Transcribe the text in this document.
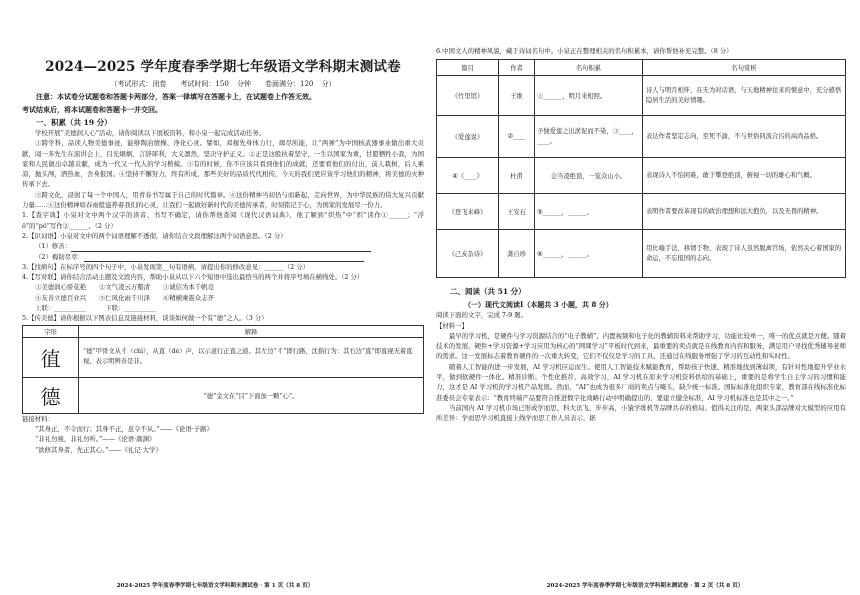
2024—2025 学年度春季学期七年级语文学科期末测试卷
（考试形式：闭卷　　考试时间：150 分钟　　卷面满分：120 分）
注意：本试卷分试题卷和答题卡两部分，答案一律填写在答题卡上，在试题卷上作答无效。
考试结束后，将本试题卷和答题卡一并交回。
一、积累（共 19 分）

学校开展“美德润人心”活动，请你阅读以下展板资料，和小泉一起完成活动任务。

①跨学科，品读人物美德事迹，能够陶冶情操、净化心灵。譬如，邓稼先身体力行，竭尽所能，让“两弹”为中国核武器事业做出重大贡献，闻一多先生在演讲会上，目光炯炯，言辞犀利，大义凛然，坚决守护正义。②正是这般执着坚守，一生以国家为重，甘愿牺牲小我，为国家和人民做出卓越贡献，成为一代又一代人的学习楷模。③有的时候，你不应该只看到他们的成就，还要看他们的付出，前人栽树，后人乘凉，抛头颅，洒热血，舍身报国。④坚持不懈努力，终有所成，那些美好的品质代代相传，今天的我们更应该学习他们的精神，将美德的火种传承下去。

③跨文化，浸润了每一个中国人，用青春书写属于自己的时代篇章。④这份精神当初仍与而新起，走向世界，为中华民族的伟大复兴贡献力量……④这份精神如春雨般滋养着我们的心灵，让我们一起做好新时代的美德传承者，时刻铭记于心，为国家的发展尽一份力。

1.【查字典】小泉对文中两个汉字的读音、书写不确定，请你帮他查阅《现代汉语词典》，他了解到“织热”中“炽”读作①______；“浮ǒ”的“pǒ”写作②______。（2 分）

2.【识词语】小泉对文中的两个词语理解不透彻，请你结合文段理解这两个词语意思。（2 分）

（1）修善：

（2）梅韧尽萃：

3.【找病句】在标序号的四个句子中，小泉发现第__句有语病，请提出你的修改意见：______（2 分）

4.【写对联】请你结合活动主题及文段内容，帮助小泉从以下六个短语中选出最恰当的两个并将序号填在横线处。（2 分）

①美德润心骄花艳　　②文气凌云万壑清　　③诚信为本千帆竞

④友善立德百业兴　　⑤仁风化雨千川泽　　⑥精横乘震众志齐

上联：__________　　　下联：__________

5.【传美德】请你根据以下图表信息及链接材料，谈谈如何做一个有“德”之人。（3 分）

字形	解释
徝	“德”甲骨文从彳（chì），从直（dé）声，以示道行正直之道。其左边“彳”即行路，沈指行为：其右边“直”即直视无着直视，表示明辨善是非。
德	“德”金文在“目”下面加一颗“心”。

链接材料：

“其身正，不令而行；其身不正，虽令不从。”——《论语·子路》

“非礼勿视，非礼勿听。”——《论语·颜渊》

“欲修其身者，先正其心。”——《礼记·大学》

2024-2025 学年度春季学期七年级语文学科期末测试卷 · 第 1 页（共 8 页）

6.中国文人的精神风貌，藏于诗词名句中。小泉正在整理相关的名句积累本，请你帮他补充完整。（8 分）

篇目	作者	名句积累	名句赏析
《竹里馆》	王维	①______，明月来相照。	诗人与明月相伴，在无为对话语，与天地精神往来的惬意中，充分感悟隐居生活的美好情趣。
《爱莲说》	②____	予独爱莲之出淤泥而不染，③____，____。	表达作者坚定志向，至死不渝，不与世俗同流合污的高尚品格。
④《____》	杜甫	会当凌绝顶，一览众山小。	表现诗人不怕困难，敢于攀登绝顶，俯视一切的雄心和气概。
《登飞来峰》	王安石	⑤______，______。	表明作者要改革现有的政治理想和远大抱负，以及无畏的精神。
《己亥杂诗》	龚自珍	⑥______，______。	用比喻手法，移情于物，表现了诗人虽然脱离官场，依然关心着国家的命运，不忘报国的志向。
二、阅读（共 51 分）
（一）现代文阅读Ⅰ（本题共 3 小题，共 8 分）

阅读下面的文字，完成 7-9 题。

【材料一】

最早的学习机，是硬件与学习资源结合的“电子教辅”，内置视频和电子化的教辅资料来帮助学习，功能比较单一，唯一的优点就是方便。随着技术的发展，硬件+学习资源+学习应用为核心的“网课学习”平板时代到来，最重要的卖点就是在线教育内容和服务，满足用户寻找优秀辅导老师的需求。这一发展标志着教育硬件的一次重大转变，它们不仅仅是学习的工具，还通过在线服务增强了学习的互动性和实时性。

随着人工智能的进一步发展，AI 学习机应运而生。使用人工智能技术赋能教育，帮助孩子快速、精准地找到薄弱项，有针对性地提升学业水平，做到软硬件一体化。精准诊断、个性化推荐、高效学习，AI 学习机在原来学习机资料供给的基础上，重要的是将学生自主学习的习惯和能力，这才是 AI 学习机的学习机产品发展。然而，“AI”也成为很多厂商的卖点与噱头，缺少统一标准。国际标准化组织专家，教育部在线标准化标准委员会专家表示：“教育终端产品要符合推进数字化战略行动中明确提出的，要建立健全标准，AI 学习机标准也是其中之一。”

当前国内 AI 学习机市场已形成学而思、科大讯飞、步步高，小猿学练机等品牌共存的格局。值得关注的是，两家头部品牌对大模型的应用有所差异：学而思学习机直接上线学而思工作人员表示，据

2024-2025 学年度春季学期七年级语文学科期末测试卷 · 第 2 页（共 8 页）
